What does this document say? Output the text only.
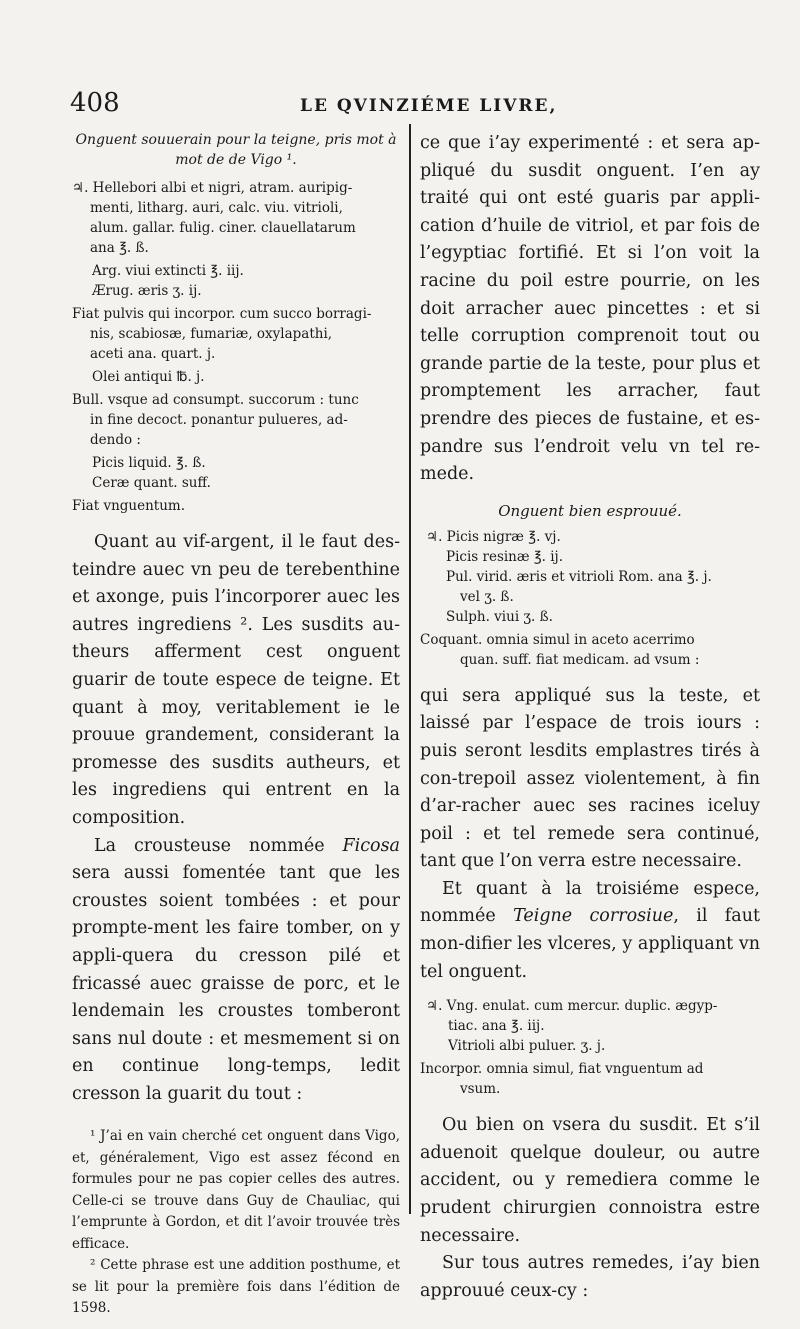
408	LE QVINZIÉME LIVRE,
Onguent souuerain pour la teigne, pris mot à
mot de de Vigo ¹.

♃. Hellebori albi et nigri, atram. auripig-
menti, litharg. auri, calc. viu. vitrioli,
alum. gallar. fulig. ciner. clauellatarum
ana ℥. ß.

Arg. viui extincti ℥. iij.
Ærug. æris ʒ. ij.

Fiat pulvis qui incorpor. cum succo borragi-
nis, scabiosæ, fumariæ, oxylapathi,
aceti ana. quart. j.

Olei antiqui ℔. j.

Bull. vsque ad consumpt. succorum : tunc
in fine decoct. ponantur pulueres, ad-
dendo :

Picis liquid. ℥. ß.
Ceræ quant. suff.

Fiat vnguentum.

Quant au vif-argent, il le faut des-teindre auec vn peu de terebenthine et axonge, puis l’incorporer auec les autres ingrediens ². Les susdits au-theurs afferment cest onguent guarir de toute espece de teigne. Et quant à moy, veritablement ie le prouue grandement, considerant la promesse des susdits autheurs, et les ingrediens qui entrent en la composition.

La crousteuse nommée Ficosa sera aussi fomentée tant que les croustes soient tombées : et pour prompte-ment les faire tomber, on y appli-quera du cresson pilé et fricassé auec graisse de porc, et le lendemain les croustes tomberont sans nul doute : et mesmement si on en continue long-temps, ledit cresson la guarit du tout :

¹ J’ai en vain cherché cet onguent dans Vigo, et, généralement, Vigo est assez fécond en formules pour ne pas copier celles des autres. Celle-ci se trouve dans Guy de Chauliac, qui l’emprunte à Gordon, et dit l’avoir trouvée très efficace.

² Cette phrase est une addition posthume, et se lit pour la première fois dans l’édition de 1598.

ce que i’ay experimenté : et sera ap-pliqué du susdit onguent. I’en ay traité qui ont esté guaris par appli-cation d’huile de vitriol, et par fois de l’egyptiac fortifié. Et si l’on voit la racine du poil estre pourrie, on les doit arracher auec pincettes : et si telle corruption comprenoit tout ou grande partie de la teste, pour plus et promptement les arracher, faut prendre des pieces de fustaine, et es-pandre sus l’endroit velu vn tel re-mede.

Onguent bien esprouué.

♃. Picis nigræ ℥. vj.
Picis resinæ ℥. ij.
Pul. virid. æris et vitrioli Rom. ana ℥. j.
vel ʒ. ß.
Sulph. viui ʒ. ß.

Coquant. omnia simul in aceto acerrimo
quan. suff. fiat medicam. ad vsum :

qui sera appliqué sus la teste, et laissé par l’espace de trois iours : puis seront lesdits emplastres tirés à con-trepoil assez violentement, à fin d’ar-racher auec ses racines iceluy poil : et tel remede sera continué, tant que l’on verra estre necessaire.

Et quant à la troisiéme espece, nommée Teigne corrosiue, il faut mon-difier les vlceres, y appliquant vn tel onguent.

♃. Vng. enulat. cum mercur. duplic. ægyp-
tiac. ana ℥. iij.
Vitrioli albi puluer. ʒ. j.

Incorpor. omnia simul, fiat vnguentum ad
vsum.

Ou bien on vsera du susdit. Et s’il aduenoit quelque douleur, ou autre accident, ou y remediera comme le prudent chirurgien connoistra estre necessaire.

Sur tous autres remedes, i’ay bien approuué ceux-cy :
